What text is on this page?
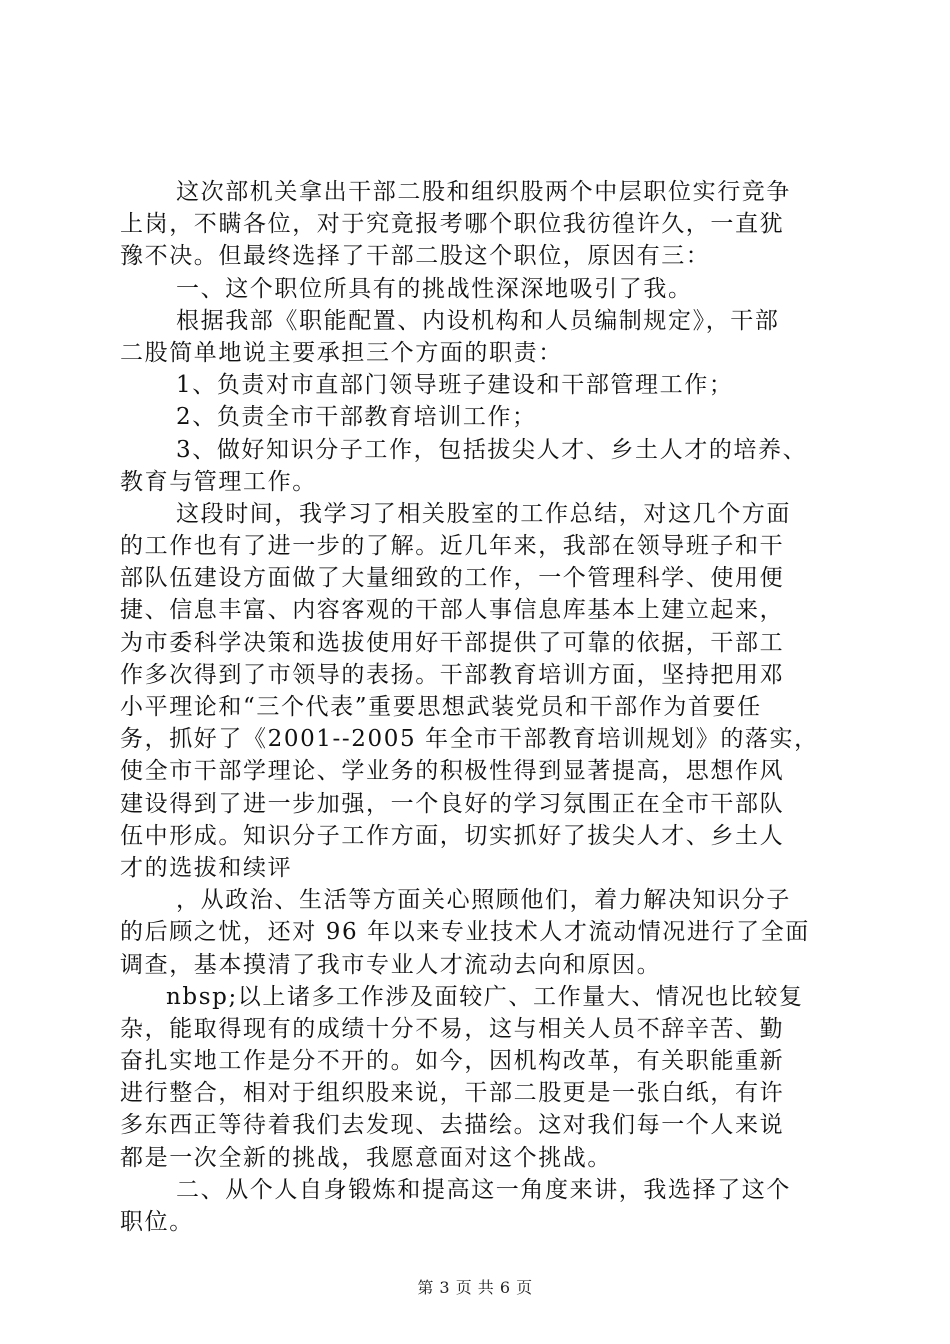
这次部机关拿出干部二股和组织股两个中层职位实行竞争
上岗，不瞒各位，对于究竟报考哪个职位我彷徨许久，一直犹
豫不决。但最终选择了干部二股这个职位，原因有三：
一、这个职位所具有的挑战性深深地吸引了我。
根据我部《职能配置、内设机构和人员编制规定》，干部
二股简单地说主要承担三个方面的职责：
1、负责对市直部门领导班子建设和干部管理工作；
2、负责全市干部教育培训工作；
3、做好知识分子工作，包括拔尖人才、乡土人才的培养、
教育与管理工作。
这段时间，我学习了相关股室的工作总结，对这几个方面
的工作也有了进一步的了解。近几年来，我部在领导班子和干
部队伍建设方面做了大量细致的工作，一个管理科学、使用便
捷、信息丰富、内容客观的干部人事信息库基本上建立起来，
为市委科学决策和选拔使用好干部提供了可靠的依据，干部工
作多次得到了市领导的表扬。干部教育培训方面，坚持把用邓
小平理论和“三个代表”重要思想武装党员和干部作为首要任
务，抓好了《2001--2005 年全市干部教育培训规划》的落实，
使全市干部学理论、学业务的积极性得到显著提高，思想作风
建设得到了进一步加强，一个良好的学习氛围正在全市干部队
伍中形成。知识分子工作方面，切实抓好了拔尖人才、乡土人
才的选拔和续评
，从政治、生活等方面关心照顾他们，着力解决知识分子
的后顾之忧，还对 96 年以来专业技术人才流动情况进行了全面
调查，基本摸清了我市专业人才流动去向和原因。
nbsp;以上诸多工作涉及面较广、工作量大、情况也比较复
杂，能取得现有的成绩十分不易，这与相关人员不辞辛苦、勤
奋扎实地工作是分不开的。如今，因机构改革，有关职能重新
进行整合，相对于组织股来说，干部二股更是一张白纸，有许
多东西正等待着我们去发现、去描绘。这对我们每一个人来说
都是一次全新的挑战，我愿意面对这个挑战。
二、从个人自身锻炼和提高这一角度来讲，我选择了这个
职位。
第 3 页 共 6 页
